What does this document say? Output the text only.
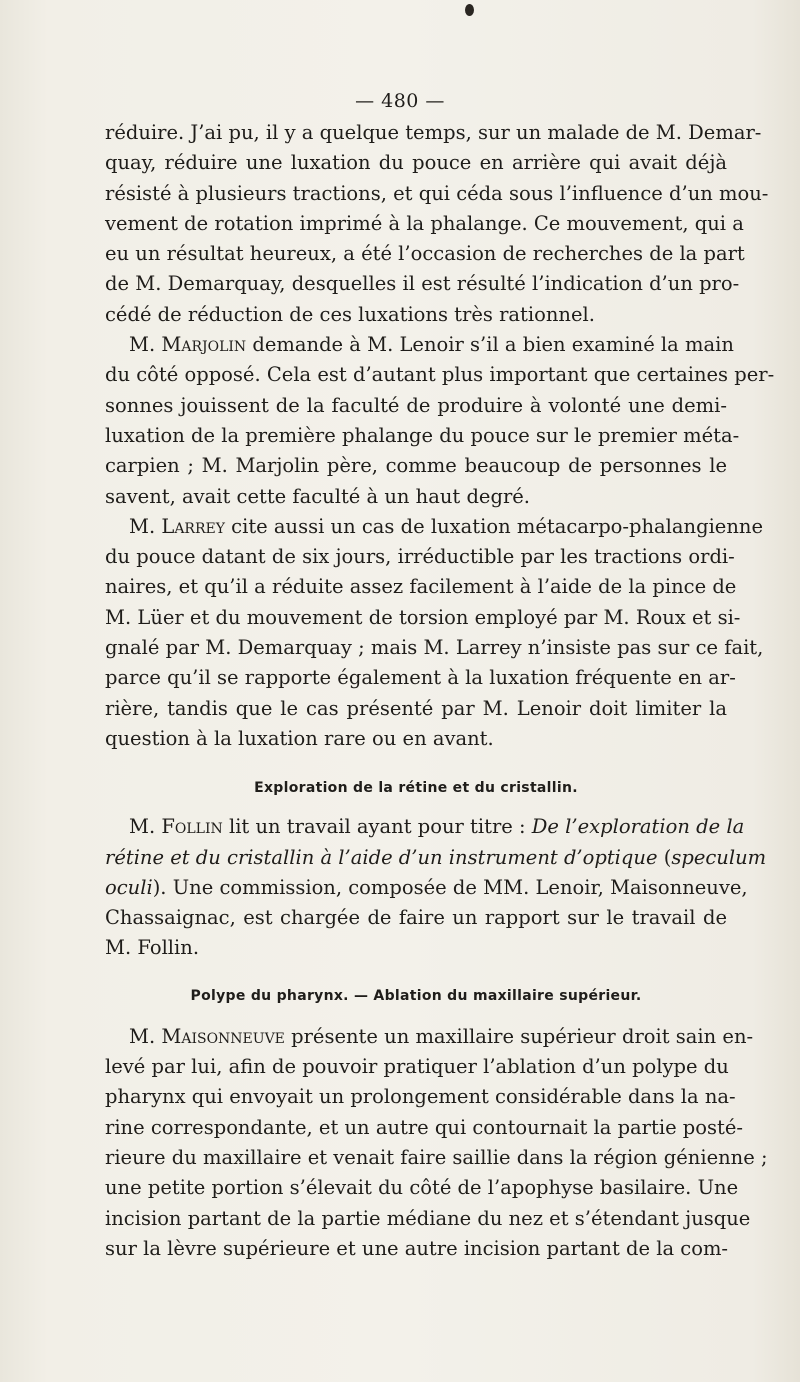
— 480 —
réduire. J’ai pu, il y a quelque temps, sur un malade de M. Demar-
quay, réduire une luxation du pouce en arrière qui avait déjà
résisté à plusieurs tractions, et qui céda sous l’influence d’un mou-
vement de rotation imprimé à la phalange. Ce mouvement, qui a
eu un résultat heureux, a été l’occasion de recherches de la part
de M. Demarquay, desquelles il est résulté l’indication d’un pro-
cédé de réduction de ces luxations très rationnel.
M. Marjolin demande à M. Lenoir s’il a bien examiné la main
du côté opposé. Cela est d’autant plus important que certaines per-
sonnes jouissent de la faculté de produire à volonté une demi-
luxation de la première phalange du pouce sur le premier méta-
carpien ; M. Marjolin père, comme beaucoup de personnes le
savent, avait cette faculté à un haut degré.
M. Larrey cite aussi un cas de luxation métacarpo-phalangienne
du pouce datant de six jours, irréductible par les tractions ordi-
naires, et qu’il a réduite assez facilement à l’aide de la pince de
M. Lüer et du mouvement de torsion employé par M. Roux et si-
gnalé par M. Demarquay ; mais M. Larrey n’insiste pas sur ce fait,
parce qu’il se rapporte également à la luxation fréquente en ar-
rière, tandis que le cas présenté par M. Lenoir doit limiter la
question à la luxation rare ou en avant.
Exploration de la rétine et du cristallin.
M. Follin lit un travail ayant pour titre : De l’exploration de la
rétine et du cristallin à l’aide d’un instrument d’optique (speculum
oculi). Une commission, composée de MM. Lenoir, Maisonneuve,
Chassaignac, est chargée de faire un rapport sur le travail de
M. Follin.
Polype du pharynx. — Ablation du maxillaire supérieur.
M. Maisonneuve présente un maxillaire supérieur droit sain en-
levé par lui, afin de pouvoir pratiquer l’ablation d’un polype du
pharynx qui envoyait un prolongement considérable dans la na-
rine correspondante, et un autre qui contournait la partie posté-
rieure du maxillaire et venait faire saillie dans la région génienne ;
une petite portion s’élevait du côté de l’apophyse basilaire. Une
incision partant de la partie médiane du nez et s’étendant jusque
sur la lèvre supérieure et une autre incision partant de la com-
